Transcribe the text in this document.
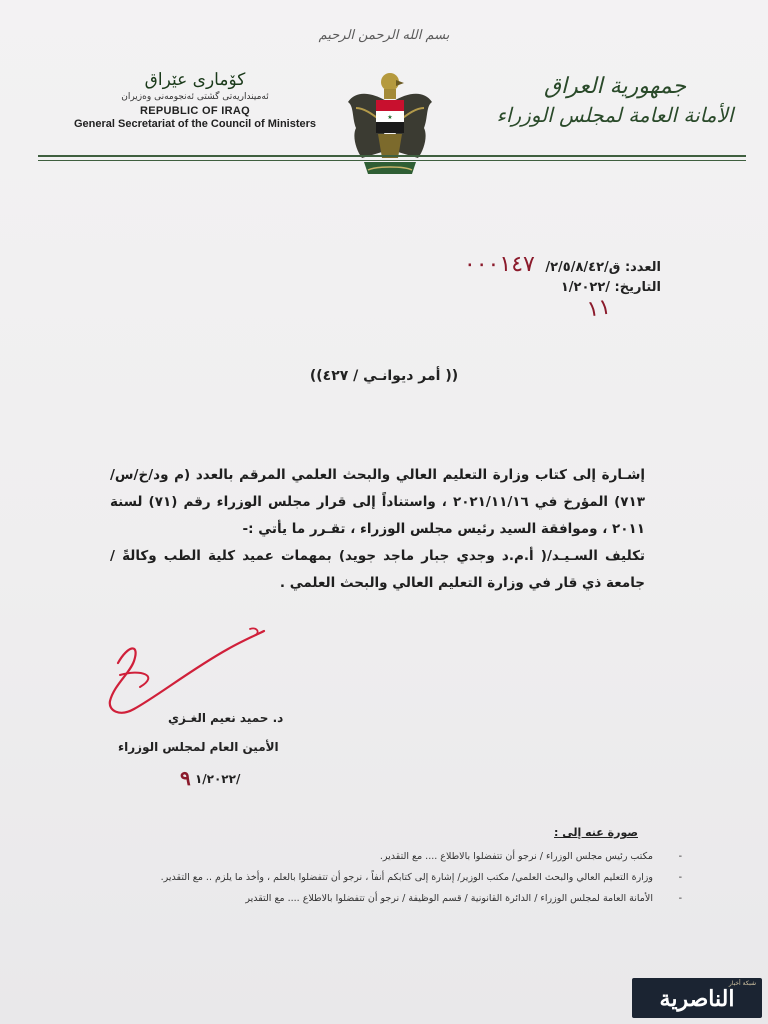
بسم الله الرحمن الرحيم
كۆماری عێراق
ئەمینداریەتی گشتی ئەنجومەنی وەزیران
REPUBLIC OF IRAQ
General Secretariat of the Council of Ministers
★
جمهورية العراق
الأمانة العامة لمجلس الوزراء
العدد: ق/٢/٥/٨/٤٢/ ٠٠٠١٤٧
التاريخ: /١/٢٠٢٢
١١
(( أمر ديوانـي / ٤٢٧))

إشـارة إلى كتاب وزارة التعليم العالي والبحث العلمي المرقم بالعدد (م ود/خ/س/٧١٣) المؤرخ في ٢٠٢١/١١/١٦ ، واستناداً إلى قرار مجلس الوزراء رقم (٧١) لسنة ٢٠١١ ، وموافقة السيد رئيس مجلس الوزراء ، تقـرر ما يأتي :-

تكليف السـيـد/( أ.م.د وجدي جبار ماجد جويد) بمهمات عميد كلية الطب وكالةً / جامعة ذي قار في وزارة التعليم العالي والبحث العلمي .

د. حميد نعيم الغـزي
الأمين العام لمجلس الوزراء
/١/٢٠٢٢ ٩
صورة عنه إلى :
- مكتب رئيس مجلس الوزراء / نرجو أن تتفضلوا بالاطلاع .... مع التقدير.
- وزارة التعليم العالي والبحث العلمي/ مكتب الوزير/ إشارة إلى كتابكم أنفاً ، نرجو أن تتفضلوا بالعلم ، وأخذ ما يلزم .. مع التقدير.
- الأمانة العامة لمجلس الوزراء / الدائرة القانونية / قسم الوظيفة / نرجو أن تتفضلوا بالاطلاع .... مع التقدير
شبكة أخبار
الناصرية
